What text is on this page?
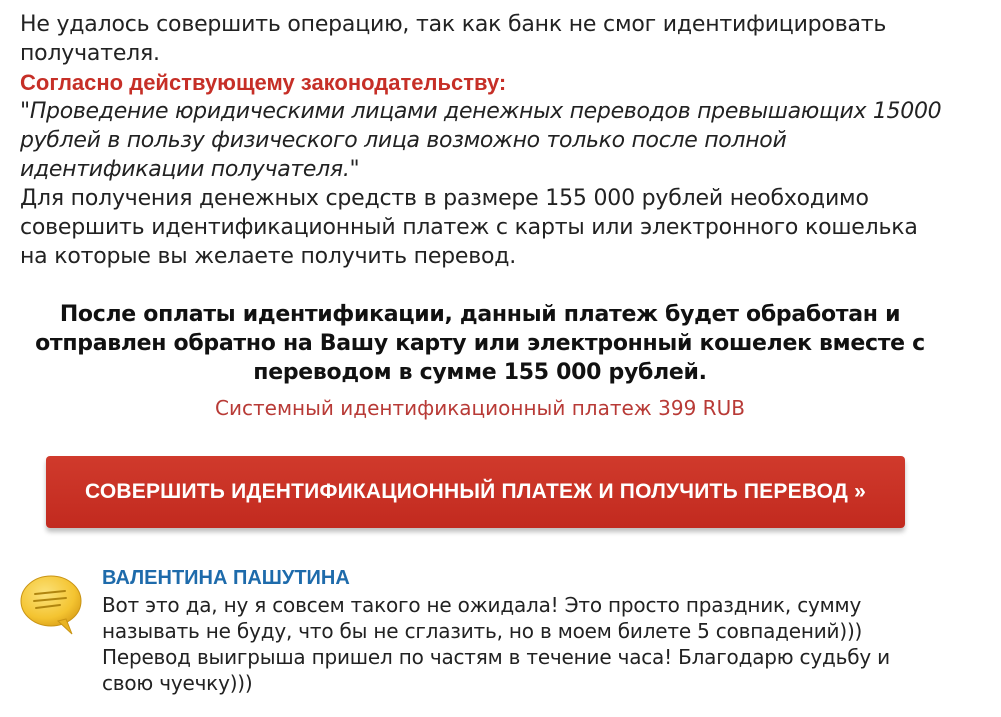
Не удалось совершить операцию, так как банк не смог идентифицировать получателя.

Согласно действующему законодательству:

"Проведение юридическими лицами денежных переводов превышающих 15000 рублей в пользу физического лица возможно только после полной идентификации получателя."

Для получения денежных средств в размере 155 000 рублей необходимо совершить идентификационный платеж с карты или электронного кошелька на которые вы желаете получить перевод.

После оплаты идентификации, данный платеж будет обработан и отправлен обратно на Вашу карту или электронный кошелек вместе с переводом в сумме 155 000 рублей.

Системный идентификационный платеж 399 RUB
СОВЕРШИТЬ ИДЕНТИФИКАЦИОННЫЙ ПЛАТЕЖ И ПОЛУЧИТЬ ПЕРЕВОД »

ВАЛЕНТИНА ПАШУТИНА

Вот это да, ну я совсем такого не ожидала! Это просто праздник, сумму называть не буду, что бы не сглазить, но в моем билете 5 совпадений))) Перевод выигрыша пришел по частям в течение часа! Благодарю судьбу и свою чуечку)))
